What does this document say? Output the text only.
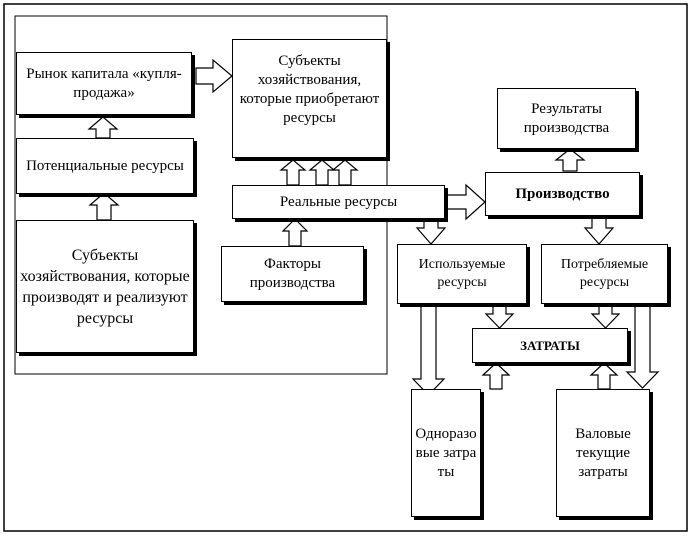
Рынок капитала «купля-продажа»
Субъекты хозяйствования, которые приобретают ресурсы
Потенциальные ресурсы
Субъекты хозяйствования, которые производят и реализуют ресурсы
Реальные ресурсы
Факторы производства
Результаты производства
Производство
Используемые ресурсы
Потребляемые ресурсы
ЗАТРАТЫ
Одноразовые затраты
Валовые текущие затраты
